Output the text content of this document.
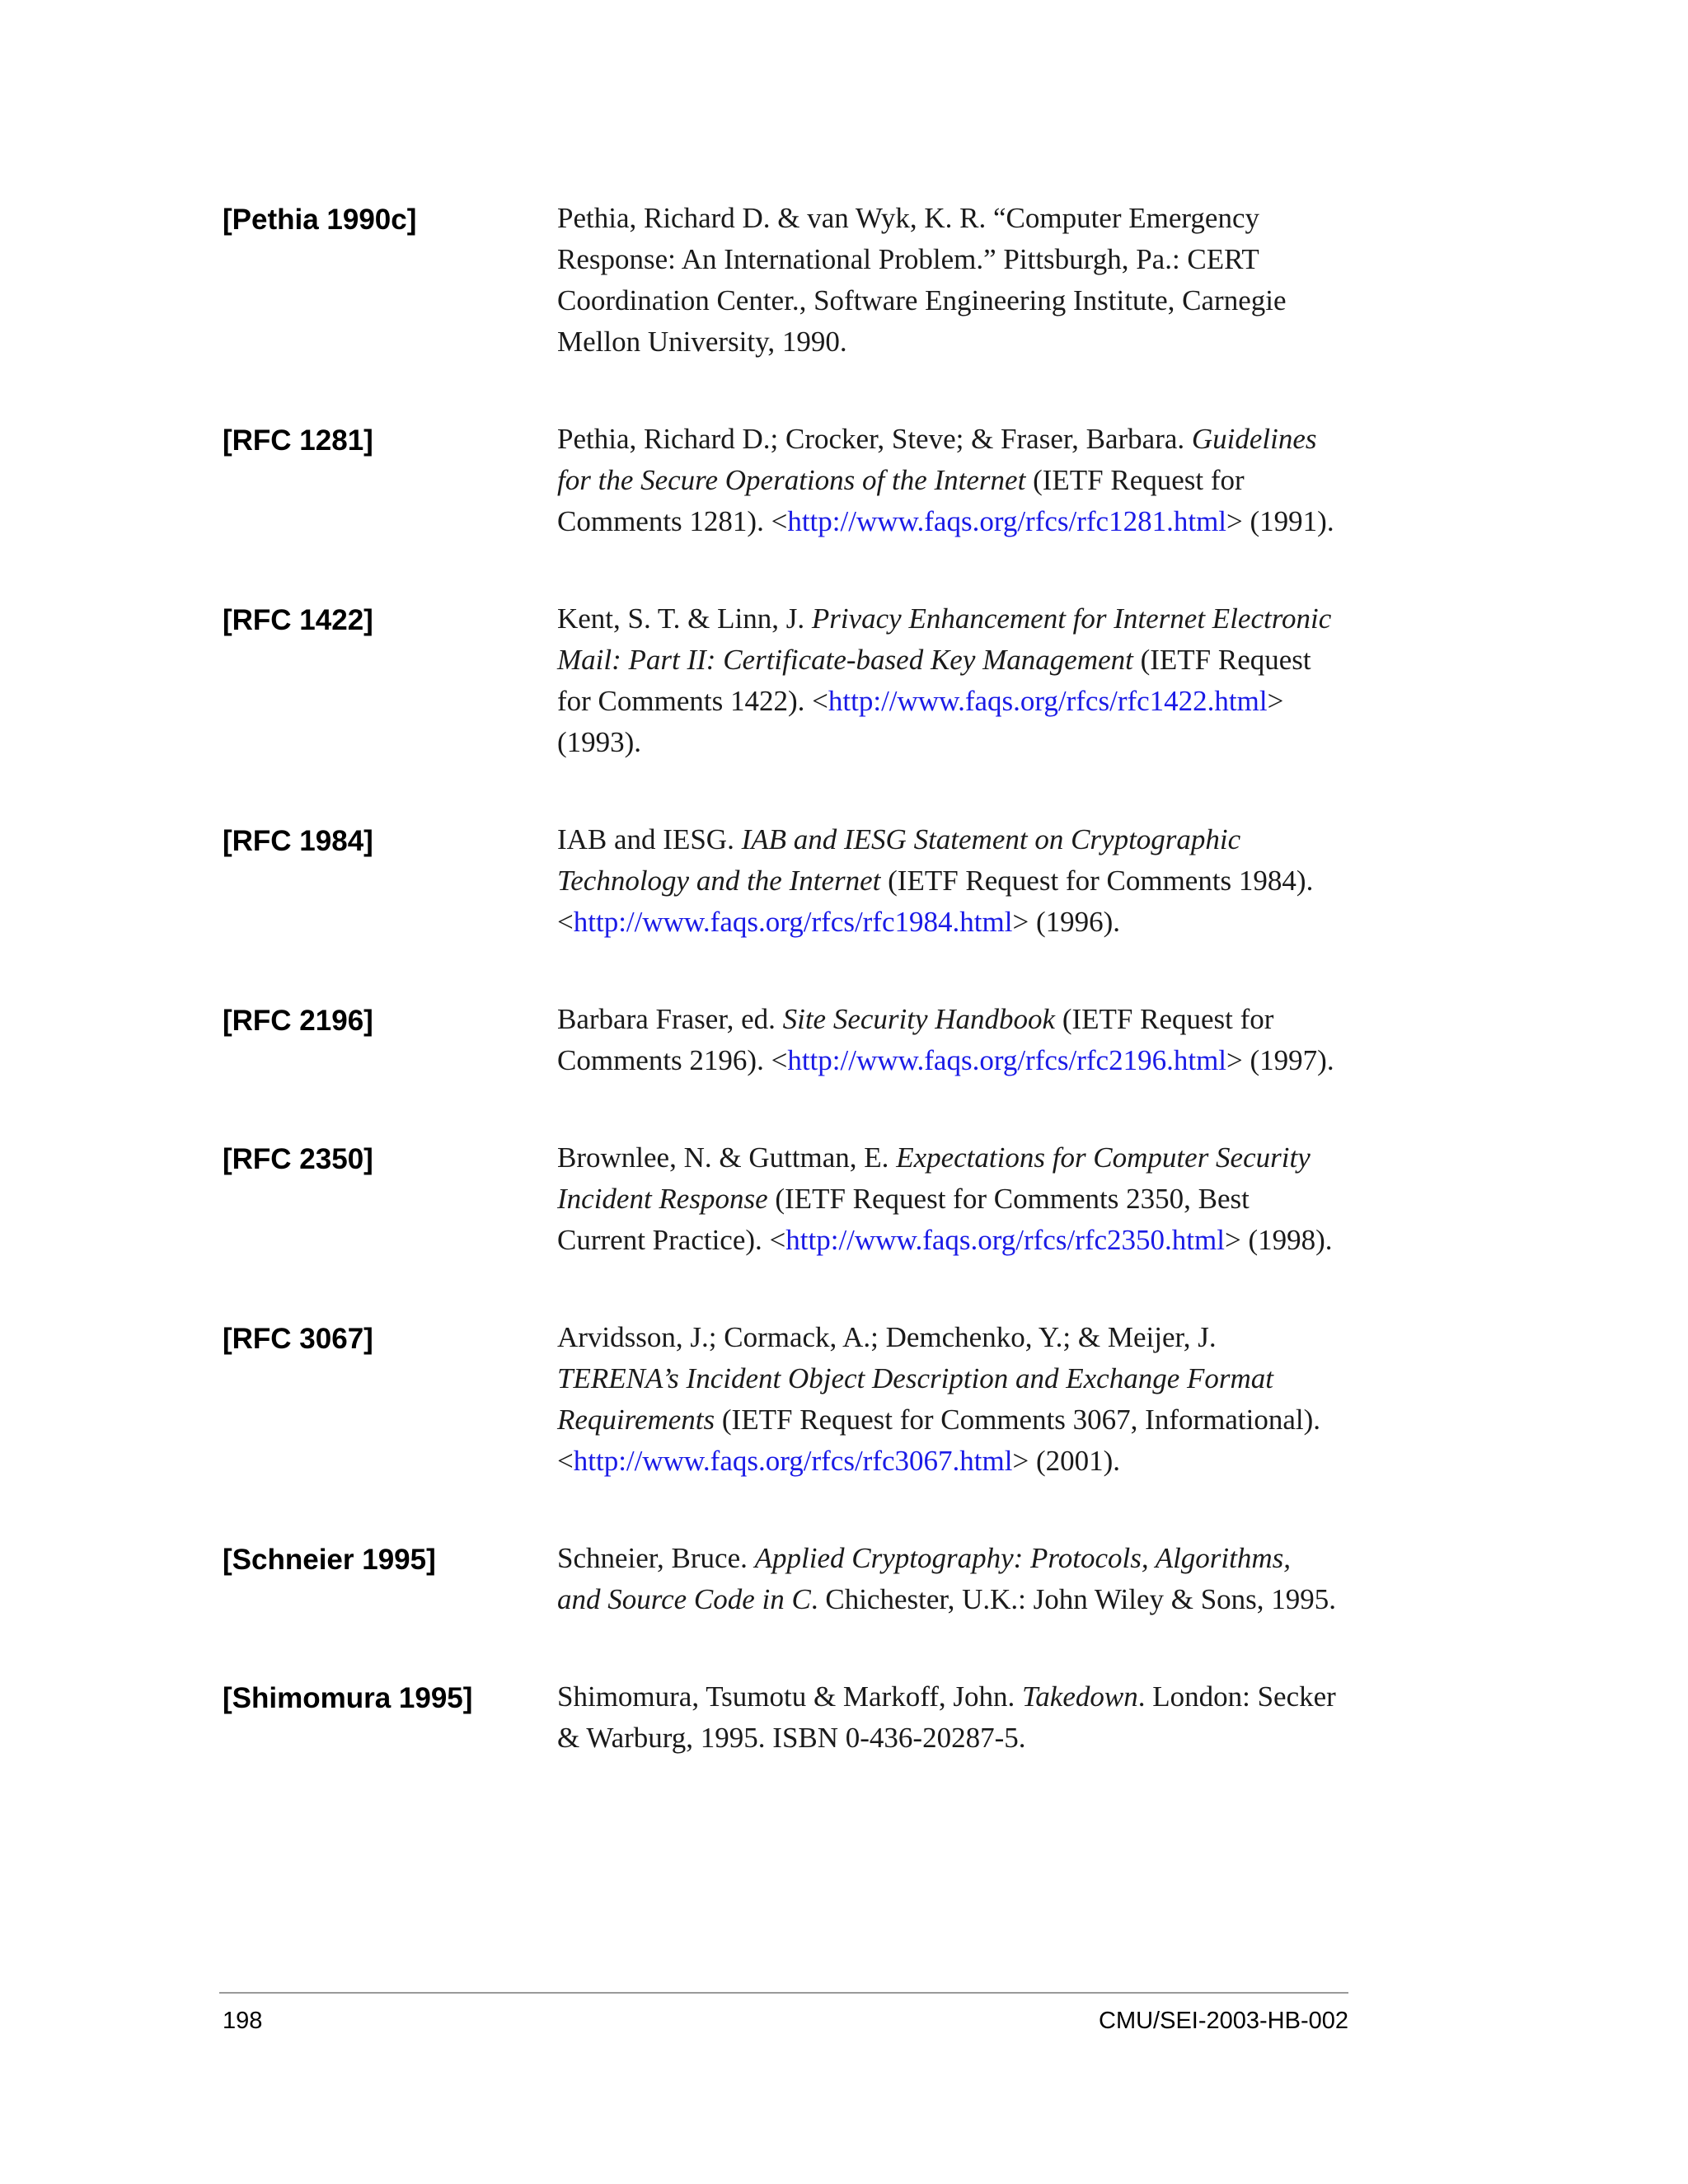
[Pethia 1990c]	Pethia, Richard D. & van Wyk, K. R. “Computer Emergency Response: An International Problem.” Pittsburgh, Pa.: CERT Coordination Center., Software Engineering Institute, Carnegie Mellon University, 1990.
[RFC 1281]	Pethia, Richard D.; Crocker, Steve; & Fraser, Barbara. Guidelines for the Secure Operations of the Internet (IETF Request for Comments 1281). <http://www.faqs.org/rfcs/rfc1281.html> (1991).
[RFC 1422]	Kent, S. T. & Linn, J. Privacy Enhancement for Internet Electronic Mail: Part II: Certificate-based Key Management (IETF Request for Comments 1422). <http://www.faqs.org/rfcs/rfc1422.html> (1993).
[RFC 1984]	IAB and IESG. IAB and IESG Statement on Cryptographic Technology and the Internet (IETF Request for Comments 1984). <http://www.faqs.org/rfcs/rfc1984.html> (1996).
[RFC 2196]	Barbara Fraser, ed. Site Security Handbook (IETF Request for Comments 2196). <http://www.faqs.org/rfcs/rfc2196.html> (1997).
[RFC 2350]	Brownlee, N. & Guttman, E. Expectations for Computer Security Incident Response (IETF Request for Comments 2350, Best Current Practice). <http://www.faqs.org/rfcs/rfc2350.html> (1998).
[RFC 3067]	Arvidsson, J.; Cormack, A.; Demchenko, Y.; & Meijer, J. TERENA’s Incident Object Description and Exchange Format Requirements (IETF Request for Comments 3067, Informational). <http://www.faqs.org/rfcs/rfc3067.html> (2001).
[Schneier 1995]	Schneier, Bruce. Applied Cryptography: Protocols, Algorithms, and Source Code in C. Chichester, U.K.: John Wiley & Sons, 1995.
[Shimomura 1995]	Shimomura, Tsumotu & Markoff, John. Takedown. London: Secker & Warburg, 1995. ISBN 0-436-20287-5.
198	CMU/SEI-2003-HB-002
